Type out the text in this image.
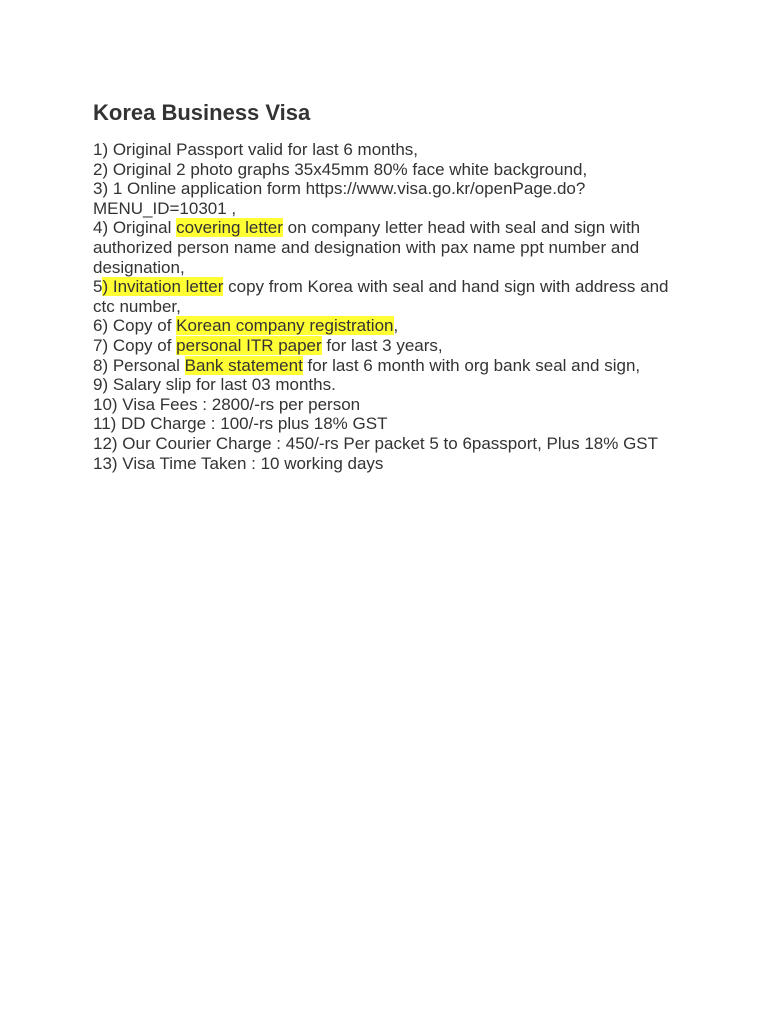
Korea Business Visa
1) Original Passport valid for last 6 months,
2) Original 2 photo graphs 35x45mm 80% face white background,
3) 1 Online application form https://www.visa.go.kr/openPage.do?MENU_ID=10301 ,
4) Original covering letter on company letter head with seal and sign with authorized person name and designation with pax name ppt number and designation,
5) Invitation letter copy from Korea with seal and hand sign with address and ctc number,
6) Copy of Korean company registration,
7) Copy of personal ITR paper for last 3 years,
8) Personal Bank statement for last 6 month with org bank seal and sign,
9) Salary slip for last 03 months.
10) Visa Fees : 2800/-rs per person
11) DD Charge : 100/-rs plus 18% GST
12) Our Courier Charge : 450/-rs Per packet 5 to 6passport, Plus 18% GST
13) Visa Time Taken : 10 working days
